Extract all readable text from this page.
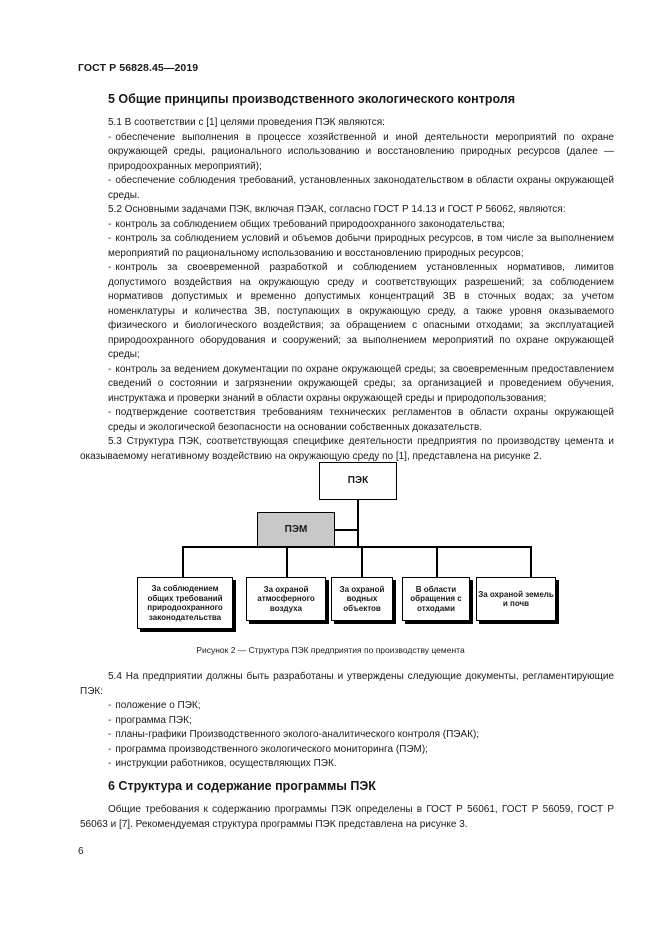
ГОСТ Р 56828.45—2019
5 Общие принципы производственного экологического контроля

5.1 В соответствии с [1] целями проведения ПЭК являются:

- обеспечение выполнения в процессе хозяйственной и иной деятельности мероприятий по охране окружающей среды, рационального использованию и восстановлению природных ресурсов (далее — природоохранных мероприятий);

- обеспечение соблюдения требований, установленных законодательством в области охраны окружающей среды.

5.2 Основными задачами ПЭК, включая ПЭАК, согласно ГОСТ Р 14.13 и ГОСТ Р 56062, являются:

- контроль за соблюдением общих требований природоохранного законодательства;

- контроль за соблюдением условий и объемов добычи природных ресурсов, в том числе за выполнением мероприятий по рациональному использованию и восстановлению природных ресурсов;

- контроль за своевременной разработкой и соблюдением установленных нормативов, лимитов допустимого воздействия на окружающую среду и соответствующих разрешений; за соблюдением нормативов допустимых и временно допустимых концентраций ЗВ в сточных водах; за учетом номенклатуры и количества ЗВ, поступающих в окружающую среду, а также уровня оказываемого физического и биологического воздействия; за обращением с опасными отходами; за эксплуатацией природоохранного оборудования и сооружений; за выполнением мероприятий по охране окружающей среды;

- контроль за ведением документации по охране окружающей среды; за своевременным предоставлением сведений о состоянии и загрязнении окружающей среды; за организацией и проведением обучения, инструктажа и проверки знаний в области охраны окружающей среды и природопользования;

- подтверждение соответствия требованиям технических регламентов в области охраны окружающей среды и экологической безопасности на основании собственных доказательств.

5.3 Структура ПЭК, соответствующая специфике деятельности предприятия по производству цемента и оказываемому негативному воздействию на окружающую среду по [1], представлена на рисунке 2.

ПЭК
ПЭМ
За соблюдением общих требований природоохранного законодательства
За охраной атмосферного воздуха
За охраной водных объектов
В области обращения с отходами
За охраной земель и почв
Рисунок 2 — Структура ПЭК предприятия по производству цемента

5.4 На предприятии должны быть разработаны и утверждены следующие документы, регламентирующие ПЭК:

- положение о ПЭК;

- программа ПЭК;

- планы-графики Производственного эколого-аналитического контроля (ПЭАК);

- программа производственного экологического мониторинга (ПЭМ);

- инструкции работников, осуществляющих ПЭК.

6 Структура и содержание программы ПЭК

Общие требования к содержанию программы ПЭК определены в ГОСТ Р 56061, ГОСТ Р 56059, ГОСТ Р 56063 и [7]. Рекомендуемая структура программы ПЭК представлена на рисунке 3.

6
